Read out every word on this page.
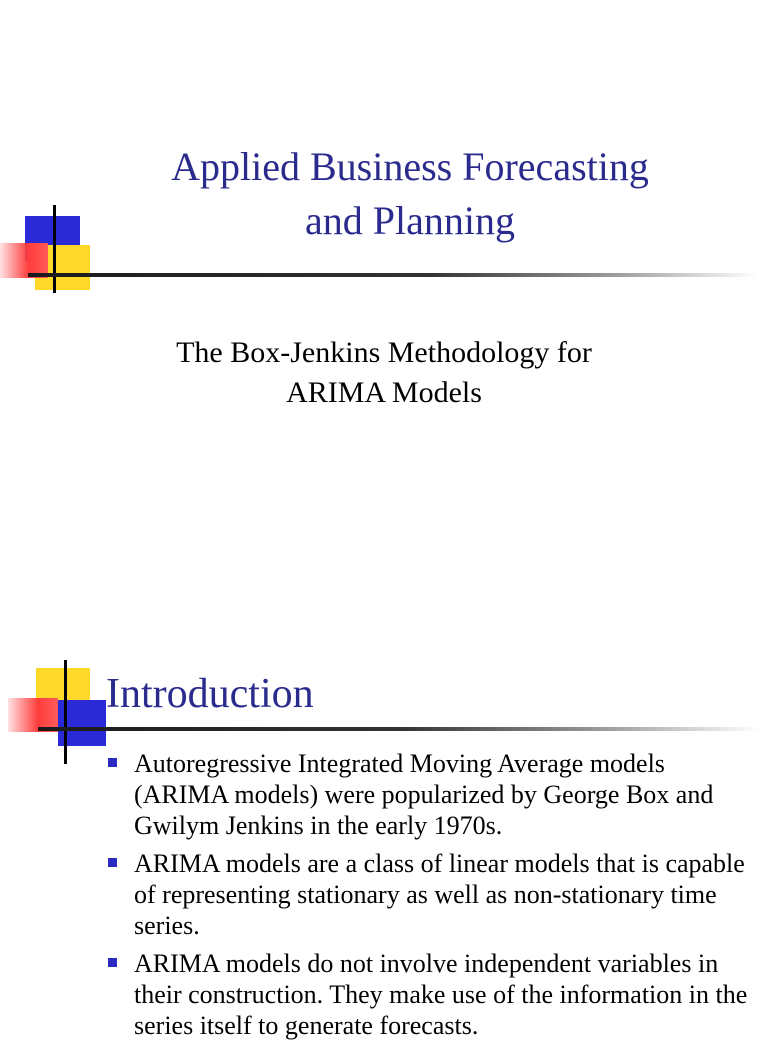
Applied Business Forecasting
and Planning

The Box-Jenkins Methodology for
ARIMA Models

Introduction
Autoregressive Integrated Moving Average models (ARIMA models) were popularized by George Box and Gwilym Jenkins in the early 1970s.
ARIMA models are a class of linear models that is capable of representing stationary as well as non-stationary time series.
ARIMA models do not involve independent variables in their construction. They make use of the information in the series itself to generate forecasts.
